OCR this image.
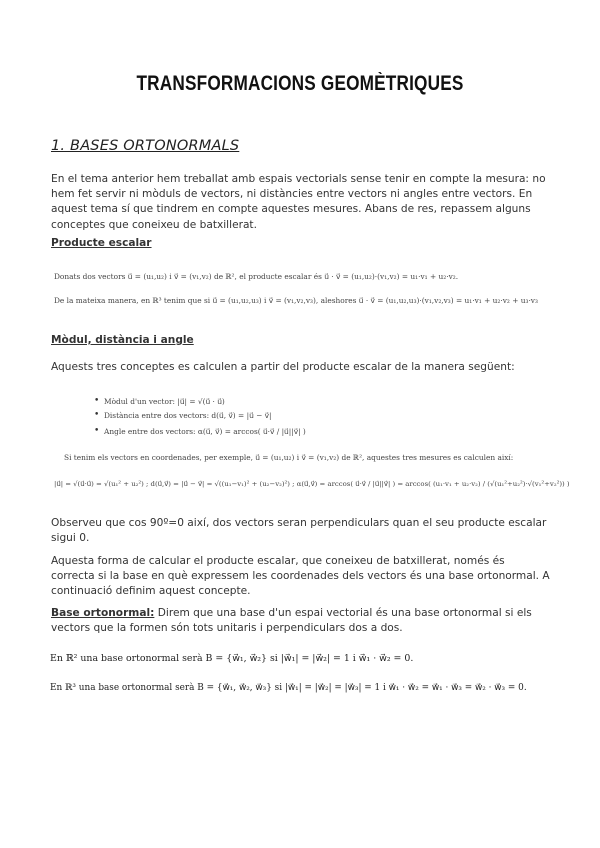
TRANSFORMACIONS GEOMÈTRIQUES
1. BASES ORTONORMALS
En el tema anterior hem treballat amb espais vectorials sense tenir en compte la mesura: no hem fet servir ni mòduls de vectors, ni distàncies entre vectors ni angles entre vectors. En aquest tema sí que tindrem en compte aquestes mesures. Abans de res, repassem alguns conceptes que coneixeu de batxillerat.
Producte escalar
Donats dos vectors u⃗ = (u₁,u₂) i v⃗ = (v₁,v₂) de ℝ², el producte escalar és u⃗ · v⃗ = (u₁,u₂)·(v₁,v₂) = u₁·v₁ + u₂·v₂.
De la mateixa manera, en ℝ³ tenim que si u⃗ = (u₁,u₂,u₃) i v⃗ = (v₁,v₂,v₃), aleshores u⃗ · v⃗ = (u₁,u₂,u₃)·(v₁,v₂,v₃) = u₁·v₁ + u₂·v₂ + u₃·v₃
Mòdul, distància i angle
Aquests tres conceptes es calculen a partir del producte escalar de la manera següent:
• Mòdul d'un vector: |u⃗| = √(u⃗ · u⃗)
• Distància entre dos vectors: d(u⃗, v⃗) = |u⃗ − v⃗|
• Angle entre dos vectors: α(u⃗, v⃗) = arccos( u⃗·v⃗ / |u⃗||v⃗| )
Si tenim els vectors en coordenades, per exemple, u⃗ = (u₁,u₂) i v⃗ = (v₁,v₂) de ℝ², aquestes tres mesures es calculen així:
|u⃗| = √(u⃗·u⃗) = √(u₁² + u₂²) ; d(u⃗,v⃗) = |u⃗ − v⃗| = √((u₁−v₁)² + (u₂−v₂)²) ; α(u⃗,v⃗) = arccos( u⃗·v⃗ / |u⃗||v⃗| ) = arccos( (u₁·v₁ + u₂·v₂) / (√(u₁²+u₂²)·√(v₁²+v₂²)) )
Observeu que cos 90º=0 així, dos vectors seran perpendiculars quan el seu producte escalar sigui 0.
Aquesta forma de calcular el producte escalar, que coneixeu de batxillerat, només és correcta si la base en què expressem les coordenades dels vectors és una base ortonormal. A continuació definim aquest concepte.
Base ortonormal: Direm que una base d'un espai vectorial és una base ortonormal si els vectors que la formen són tots unitaris i perpendiculars dos a dos.
En ℝ² una base ortonormal serà B = {w⃗₁, w⃗₂} si |w⃗₁| = |w⃗₂| = 1 i w⃗₁ · w⃗₂ = 0.
En ℝ³ una base ortonormal serà B = {w⃗₁, w⃗₂, w⃗₃} si |w⃗₁| = |w⃗₂| = |w⃗₃| = 1 i w⃗₁ · w⃗₂ = w⃗₁ · w⃗₃ = w⃗₂ · w⃗₃ = 0.
